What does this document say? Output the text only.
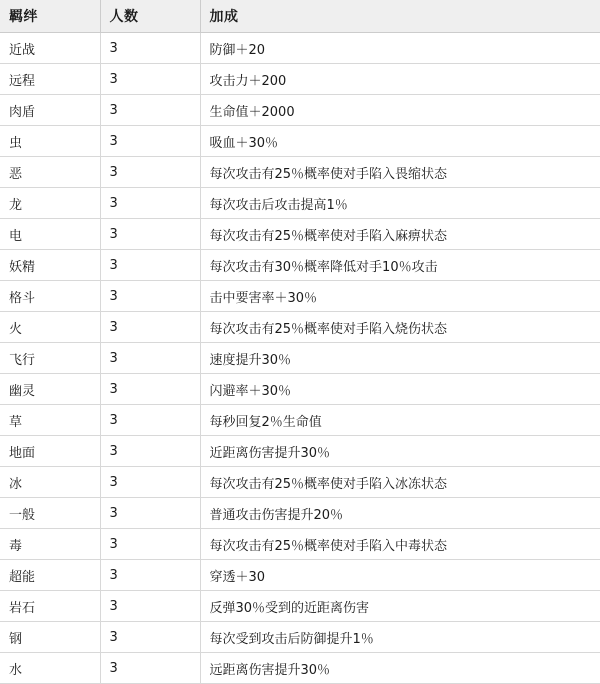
羁绊	人数	加成
近战	3	防御＋20
远程	3	攻击力＋200
肉盾	3	生命值＋2000
虫	3	吸血＋30％
恶	3	每次攻击有25％概率使对手陷入畏缩状态
龙	3	每次攻击后攻击提高1％
电	3	每次攻击有25％概率使对手陷入麻痹状态
妖精	3	每次攻击有30％概率降低对手10％攻击
格斗	3	击中要害率＋30％
火	3	每次攻击有25％概率使对手陷入烧伤状态
飞行	3	速度提升30％
幽灵	3	闪避率＋30％
草	3	每秒回复2％生命值
地面	3	近距离伤害提升30％
冰	3	每次攻击有25％概率使对手陷入冰冻状态
一般	3	普通攻击伤害提升20％
毒	3	每次攻击有25％概率使对手陷入中毒状态
超能	3	穿透＋30
岩石	3	反弹30％受到的近距离伤害
钢	3	每次受到攻击后防御提升1％
水	3	远距离伤害提升30％
